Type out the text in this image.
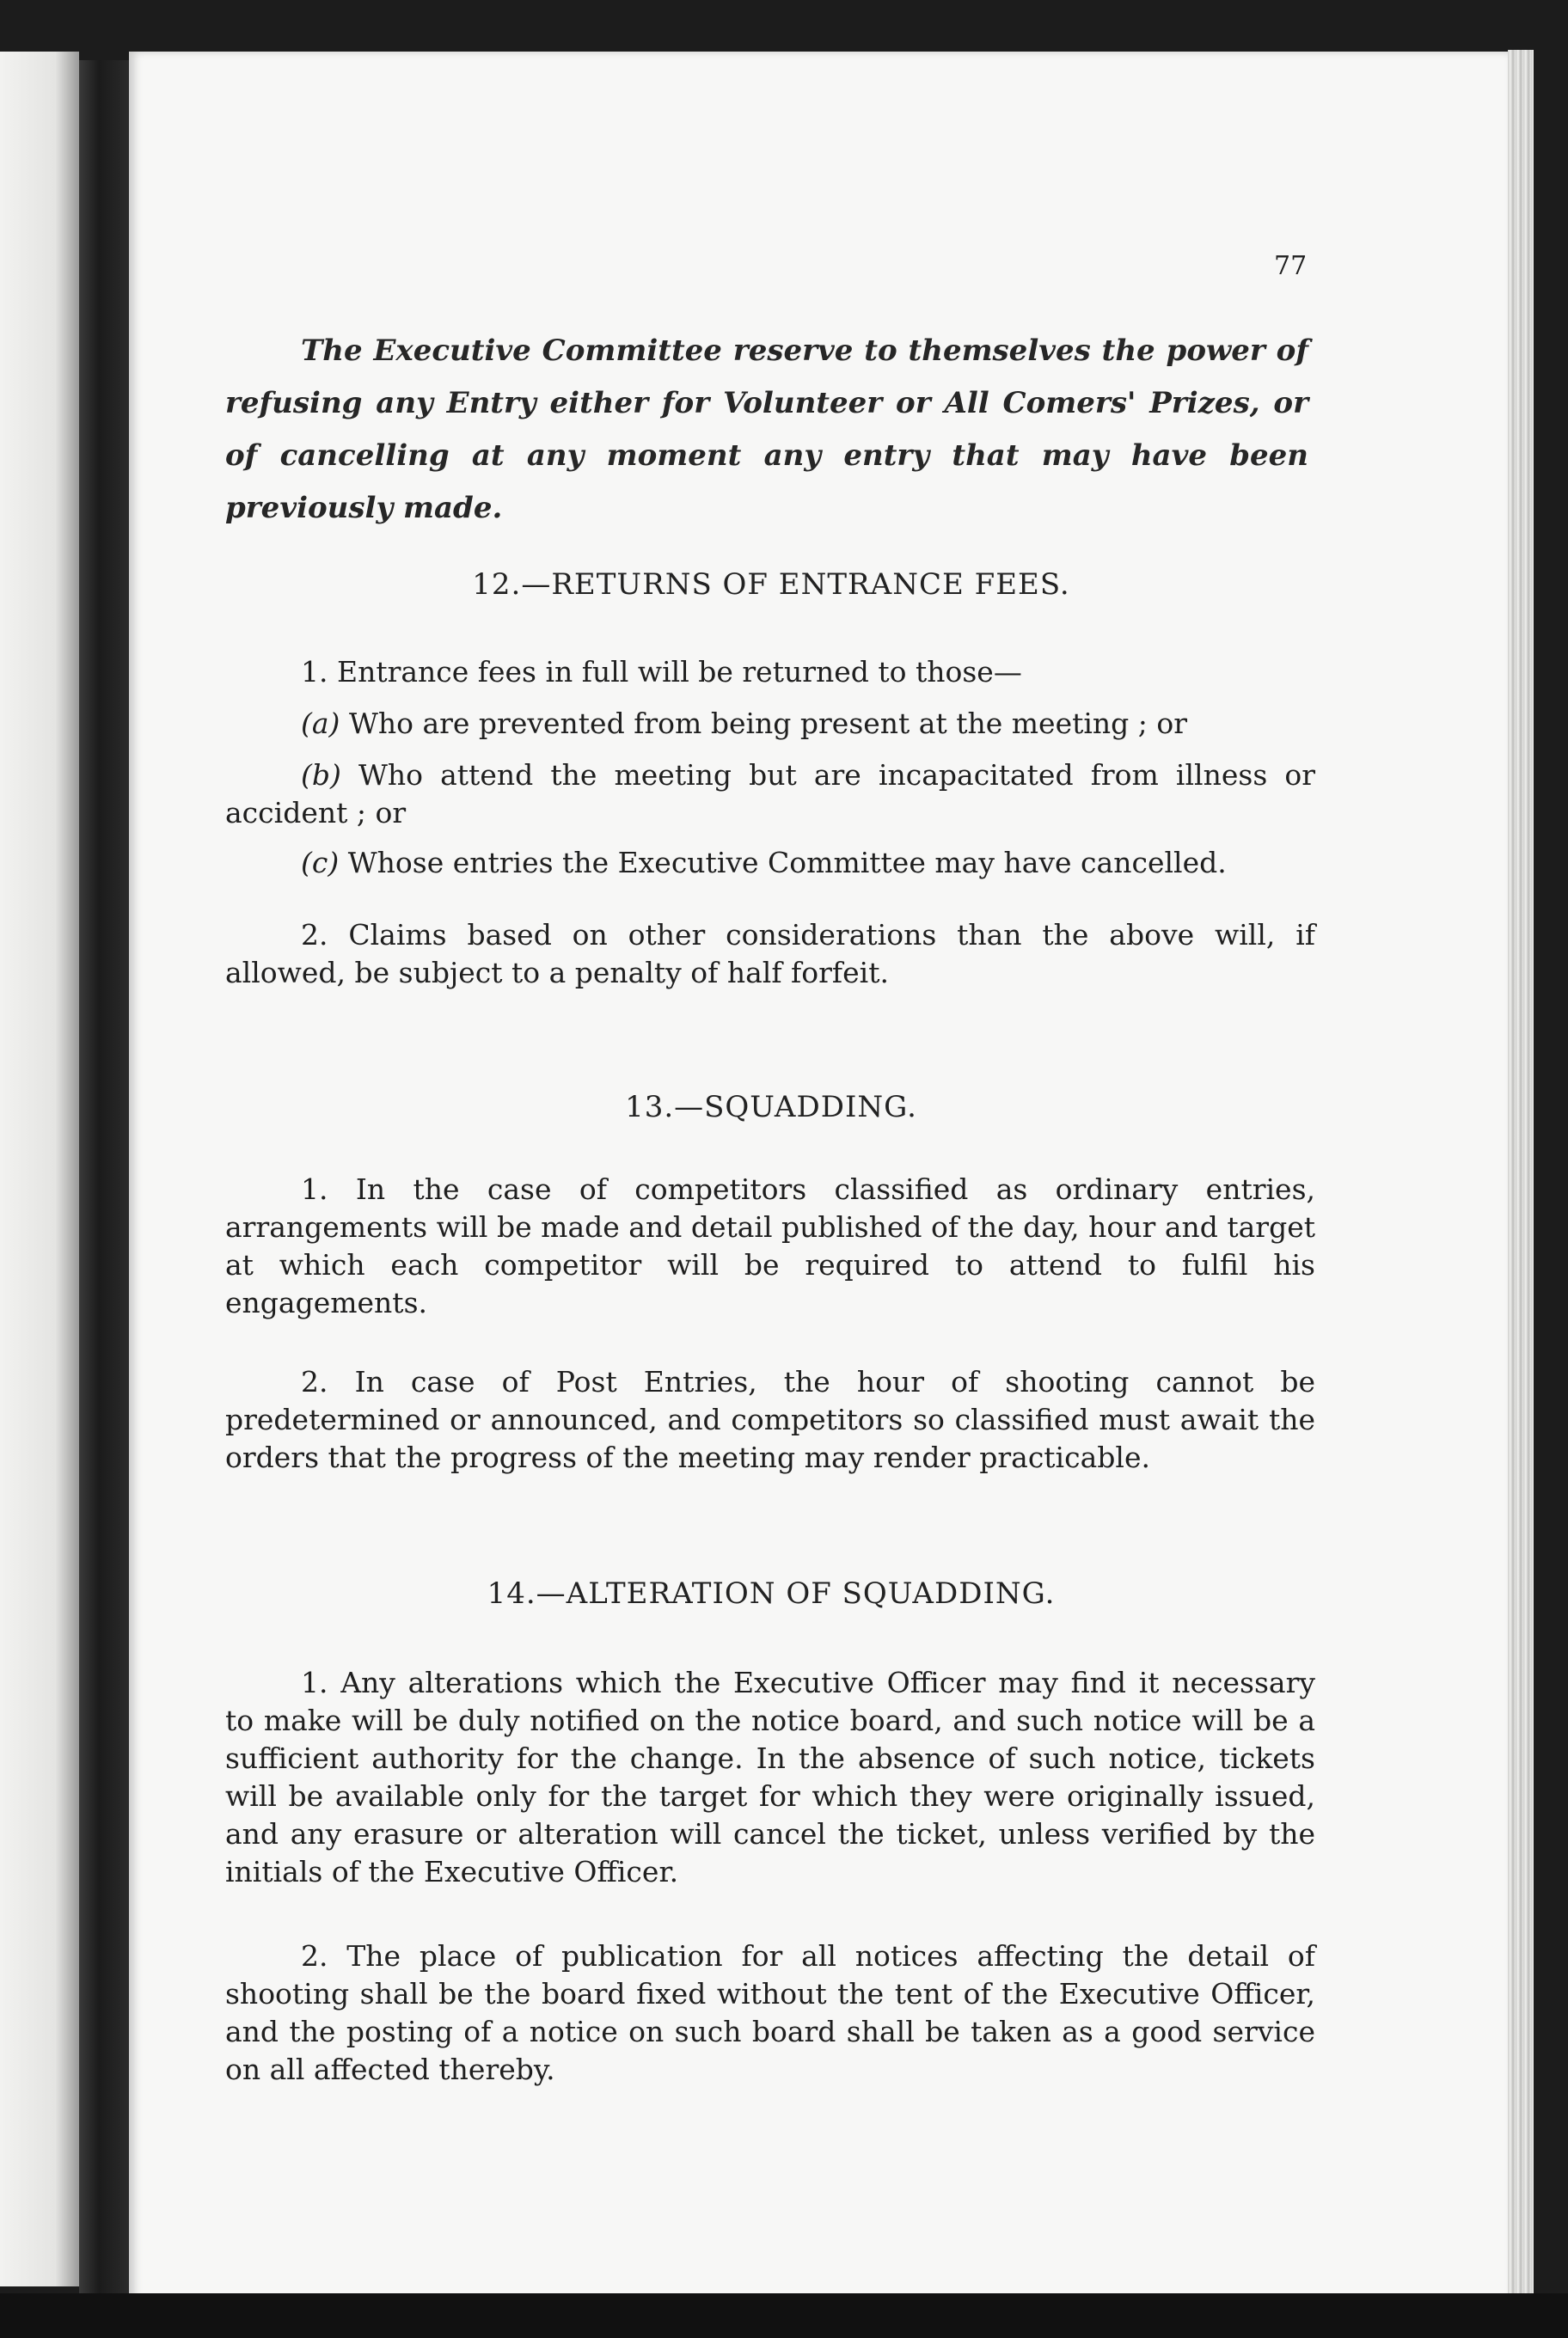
77
The Executive Committee reserve to themselves the power of refusing any Entry either for Volunteer or All Comers' Prizes, or of cancelling at any moment any entry that may have been previously made.
12.—RETURNS OF ENTRANCE FEES.
1. Entrance fees in full will be returned to those—
(a) Who are prevented from being present at the meeting ; or
(b) Who attend the meeting but are incapacitated from illness or accident ; or
(c) Whose entries the Executive Committee may have cancelled.
2. Claims based on other considerations than the above will, if allowed, be subject to a penalty of half forfeit.
13.—SQUADDING.
1. In the case of competitors classified as ordinary entries, arrangements will be made and detail published of the day, hour and target at which each competitor will be required to attend to fulfil his engagements.
2. In case of Post Entries, the hour of shooting cannot be predetermined or announced, and competitors so classified must await the orders that the progress of the meeting may render practicable.
14.—ALTERATION OF SQUADDING.
1. Any alterations which the Executive Officer may find it necessary to make will be duly notified on the notice board, and such notice will be a sufficient authority for the change. In the absence of such notice, tickets will be available only for the target for which they were originally issued, and any erasure or alteration will cancel the ticket, unless verified by the initials of the Executive Officer.
2. The place of publication for all notices affecting the detail of shooting shall be the board fixed without the tent of the Executive Officer, and the posting of a notice on such board shall be taken as a good service on all affected thereby.
